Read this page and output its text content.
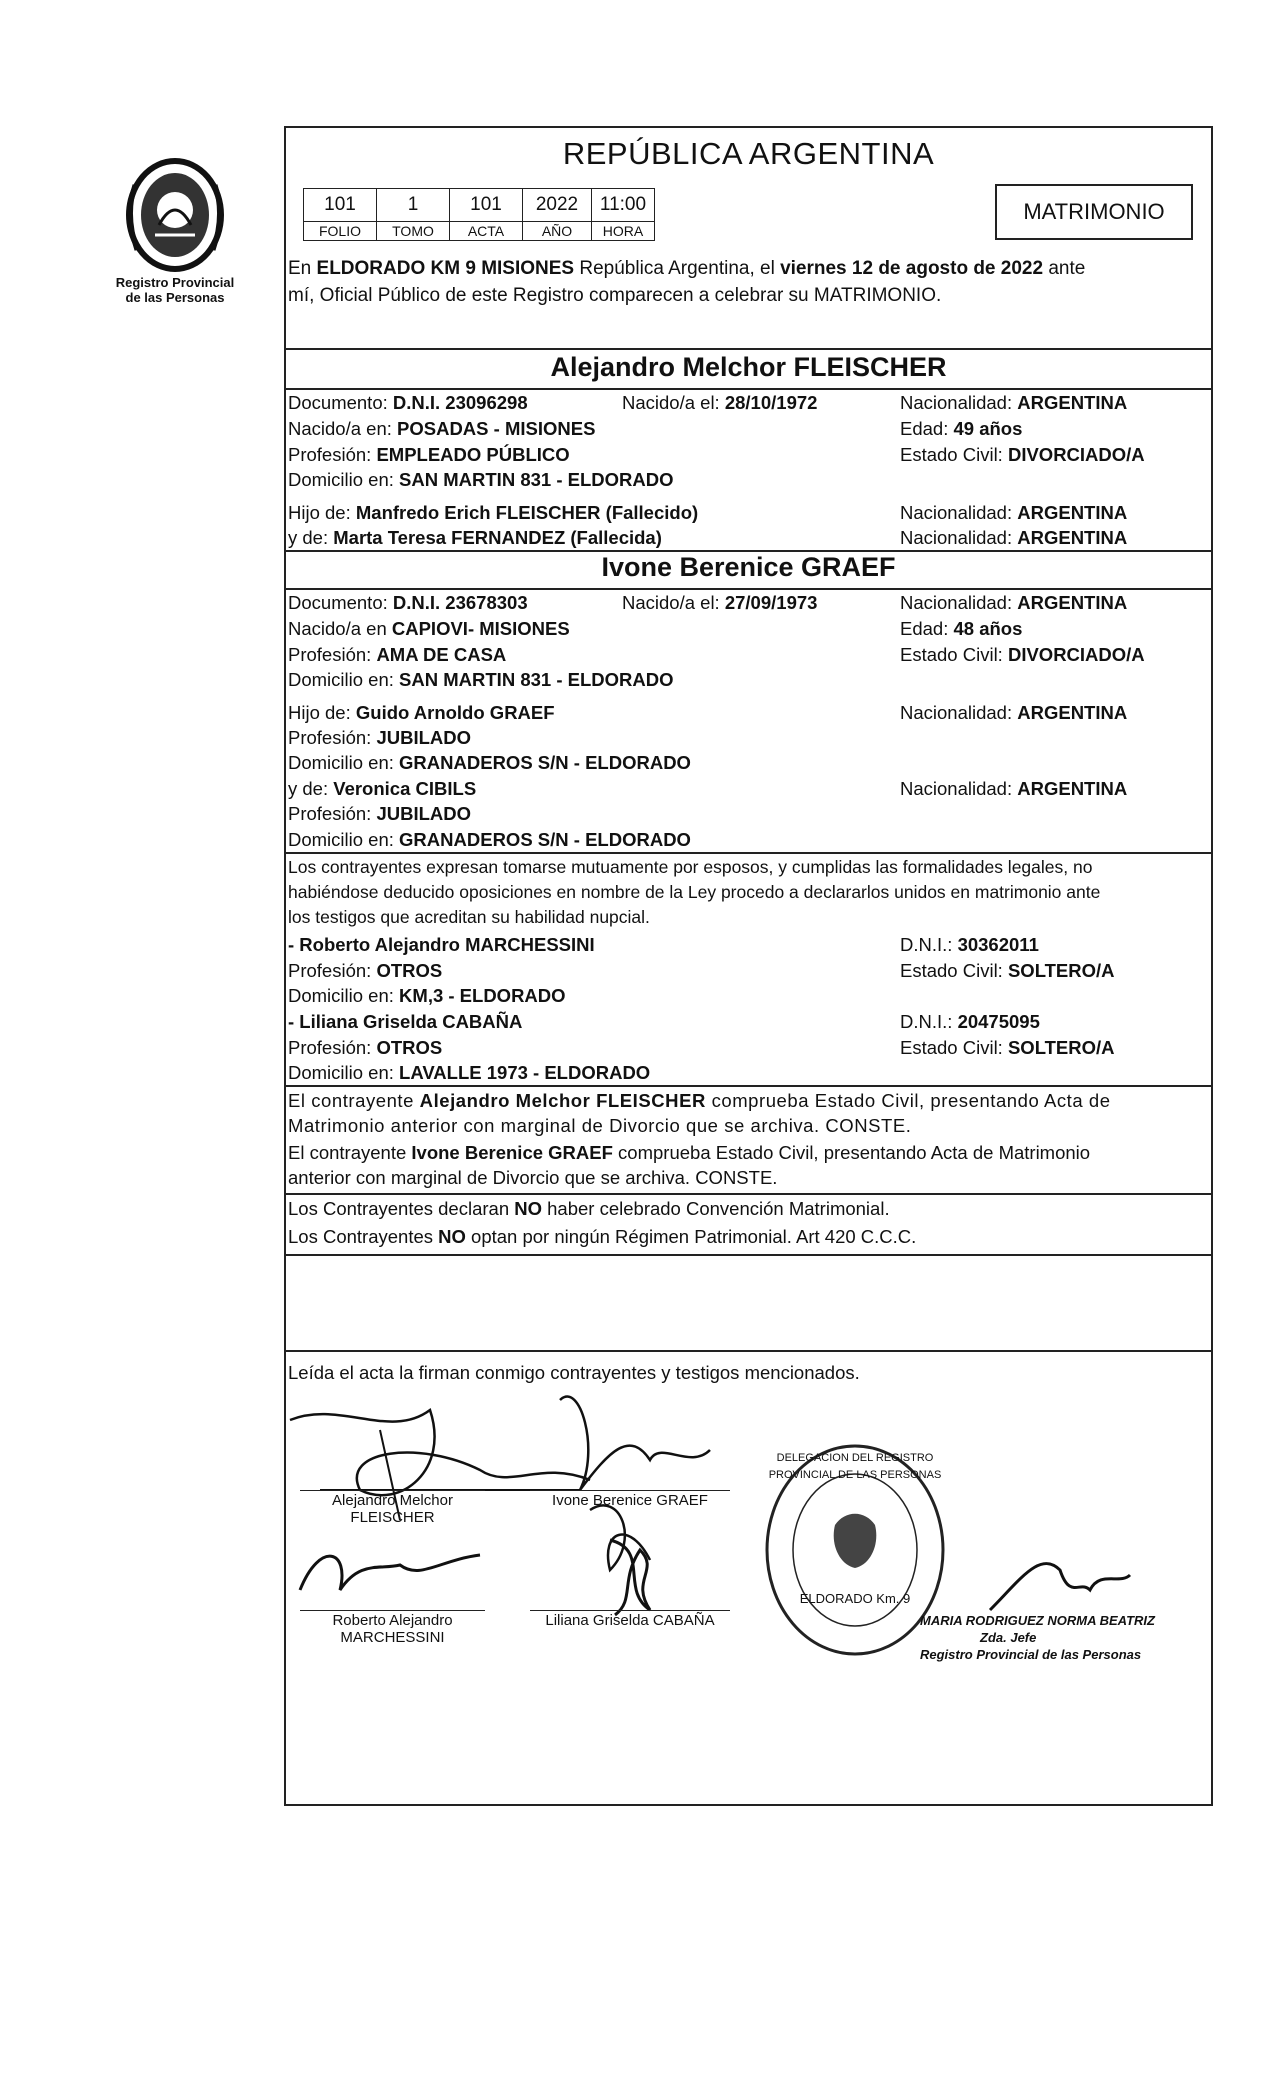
Registro Provincial
de las Personas
REPÚBLICA ARGENTINA
101	1	101	2022	11:00
FOLIO	TOMO	ACTA	AÑO	HORA
MATRIMONIO
En ELDORADO KM 9 MISIONES República Argentina, el viernes 12 de agosto de 2022 ante
mí, Oficial Público de este Registro comparecen a celebrar su MATRIMONIO.
Alejandro Melchor FLEISCHER
Documento: D.N.I. 23096298	Nacido/a el: 28/10/1972	Nacionalidad: ARGENTINA
Nacido/a en: POSADAS - MISIONES	Edad: 49 años
Profesión: EMPLEADO PÚBLICO	Estado Civil: DIVORCIADO/A
Domicilio en: SAN MARTIN 831 - ELDORADO
Hijo de: Manfredo Erich FLEISCHER (Fallecido)	Nacionalidad: ARGENTINA
y de: Marta Teresa FERNANDEZ (Fallecida)	Nacionalidad: ARGENTINA
Ivone Berenice GRAEF
Documento: D.N.I. 23678303	Nacido/a el: 27/09/1973	Nacionalidad: ARGENTINA
Nacido/a en CAPIOVI- MISIONES	Edad: 48 años
Profesión: AMA DE CASA	Estado Civil: DIVORCIADO/A
Domicilio en: SAN MARTIN 831 - ELDORADO
Hijo de: Guido Arnoldo GRAEF	Nacionalidad: ARGENTINA
Profesión: JUBILADO
Domicilio en: GRANADEROS S/N - ELDORADO
y de: Veronica CIBILS	Nacionalidad: ARGENTINA
Profesión: JUBILADO
Domicilio en: GRANADEROS S/N - ELDORADO
Los contrayentes expresan tomarse mutuamente por esposos, y cumplidas las formalidades legales, no
habiéndose deducido oposiciones en nombre de la Ley procedo a declararlos unidos en matrimonio ante
los testigos que acreditan su habilidad nupcial.
- Roberto Alejandro MARCHESSINI	D.N.I.: 30362011
Profesión: OTROS	Estado Civil: SOLTERO/A
Domicilio en: KM,3 - ELDORADO
- Liliana Griselda CABAÑA	D.N.I.: 20475095
Profesión: OTROS	Estado Civil: SOLTERO/A
Domicilio en: LAVALLE 1973 - ELDORADO
El contrayente Alejandro Melchor FLEISCHER comprueba Estado Civil, presentando Acta de
Matrimonio anterior con marginal de Divorcio que se archiva. CONSTE.
El contrayente Ivone Berenice GRAEF comprueba Estado Civil, presentando Acta de Matrimonio
anterior con marginal de Divorcio que se archiva. CONSTE.
Los Contrayentes declaran NO haber celebrado Convención Matrimonial.
Los Contrayentes NO optan por ningún Régimen Patrimonial. Art 420 C.C.C.
Leída el acta la firman conmigo contrayentes y testigos mencionados.
Alejandro Melchor
FLEISCHER
Ivone Berenice GRAEF
Roberto Alejandro
MARCHESSINI
Liliana Griselda CABAÑA
DELEGACION DEL REGISTRO PROVINCIAL DE LAS PERSONAS
ELDORADO Km. 9
MARIA RODRIGUEZ NORMA BEATRIZ
Zda. Jefe
Registro Provincial de las Personas
